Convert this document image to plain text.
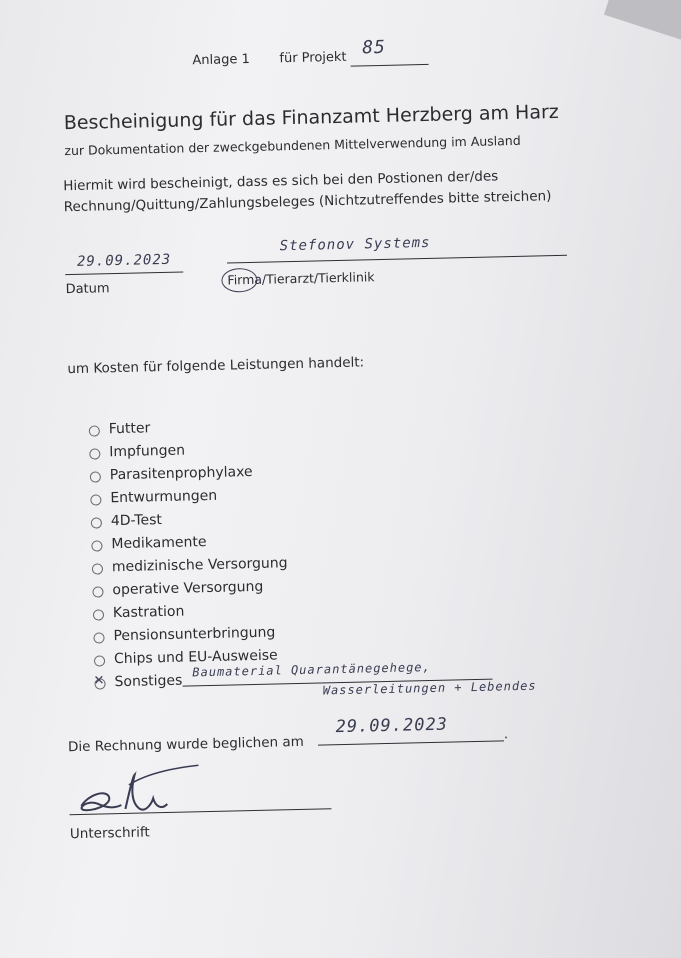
Anlage 1 für Projekt 85
Bescheinigung für das Finanzamt Herzberg am Harz
zur Dokumentation der zweckgebundenen Mittelverwendung im Ausland
Hiermit wird bescheinigt, dass es sich bei den Postionen der/des
Rechnung/Quittung/Zahlungsbeleges (Nichtzutreffendes bitte streichen)
29.09.2023
Datum
Stefonov Systems
Firma/Tierarzt/Tierklinik
um Kosten für folgende Leistungen handelt:
Futter
Impfungen
Parasitenprophylaxe
Entwurmungen
4D-Test
Medikamente
medizinische Versorgung
operative Versorgung
Kastration
Pensionsunterbringung
Chips und EU-Ausweise
✕ Sonstiges
Baumaterial Quarantänegehege,
Wasserleitungen + Lebendes
Die Rechnung wurde beglichen am
29.09.2023	.
Unterschrift
